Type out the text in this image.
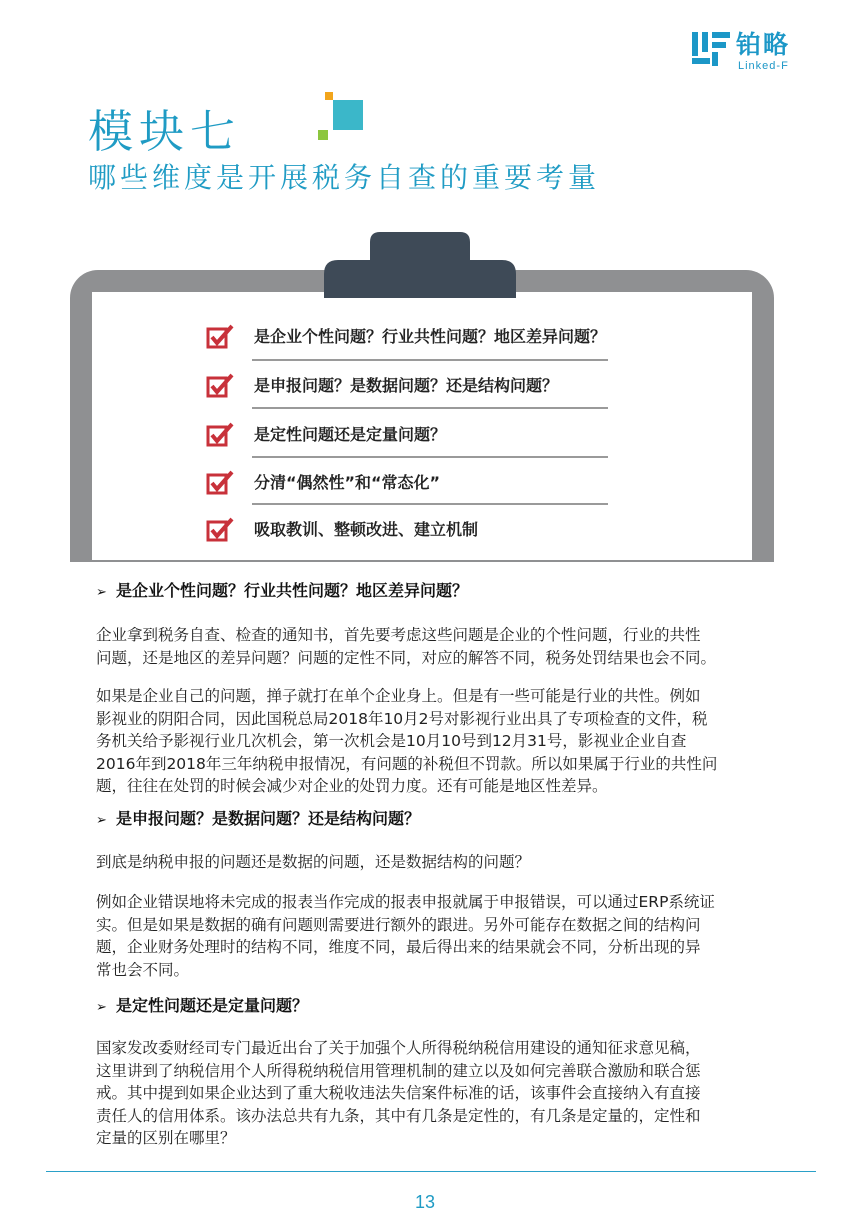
铂略
Linked-F
模块七
哪些维度是开展税务自查的重要考量
是企业个性问题？行业共性问题？地区差异问题？
是申报问题？是数据问题？还是结构问题？
是定性问题还是定量问题？
分清“偶然性”和“常态化”
吸取教训、整顿改进、建立机制
➢ 是企业个性问题？行业共性问题？地区差异问题？
企业拿到税务自查、检查的通知书，首先要考虑这些问题是企业的个性问题，行业的共性
问题，还是地区的差异问题？问题的定性不同，对应的解答不同，税务处罚结果也会不同。
如果是企业自己的问题，掸子就打在单个企业身上。但是有一些可能是行业的共性。例如
影视业的阴阳合同，因此国税总局2018年10月2号对影视行业出具了专项检查的文件，税
务机关给予影视行业几次机会，第一次机会是10月10号到12月31号，影视业企业自查
2016年到2018年三年纳税申报情况，有问题的补税但不罚款。所以如果属于行业的共性问
题，往往在处罚的时候会减少对企业的处罚力度。还有可能是地区性差异。
➢ 是申报问题？是数据问题？还是结构问题？
到底是纳税申报的问题还是数据的问题，还是数据结构的问题？
例如企业错误地将未完成的报表当作完成的报表申报就属于申报错误，可以通过ERP系统证
实。但是如果是数据的确有问题则需要进行额外的跟进。另外可能存在数据之间的结构问
题，企业财务处理时的结构不同，维度不同，最后得出来的结果就会不同，分析出现的异
常也会不同。
➢ 是定性问题还是定量问题？
国家发改委财经司专门最近出台了关于加强个人所得税纳税信用建设的通知征求意见稿，
这里讲到了纳税信用个人所得税纳税信用管理机制的建立以及如何完善联合激励和联合惩
戒。其中提到如果企业达到了重大税收违法失信案件标准的话，该事件会直接纳入有直接
责任人的信用体系。该办法总共有九条，其中有几条是定性的，有几条是定量的，定性和
定量的区别在哪里？
13
